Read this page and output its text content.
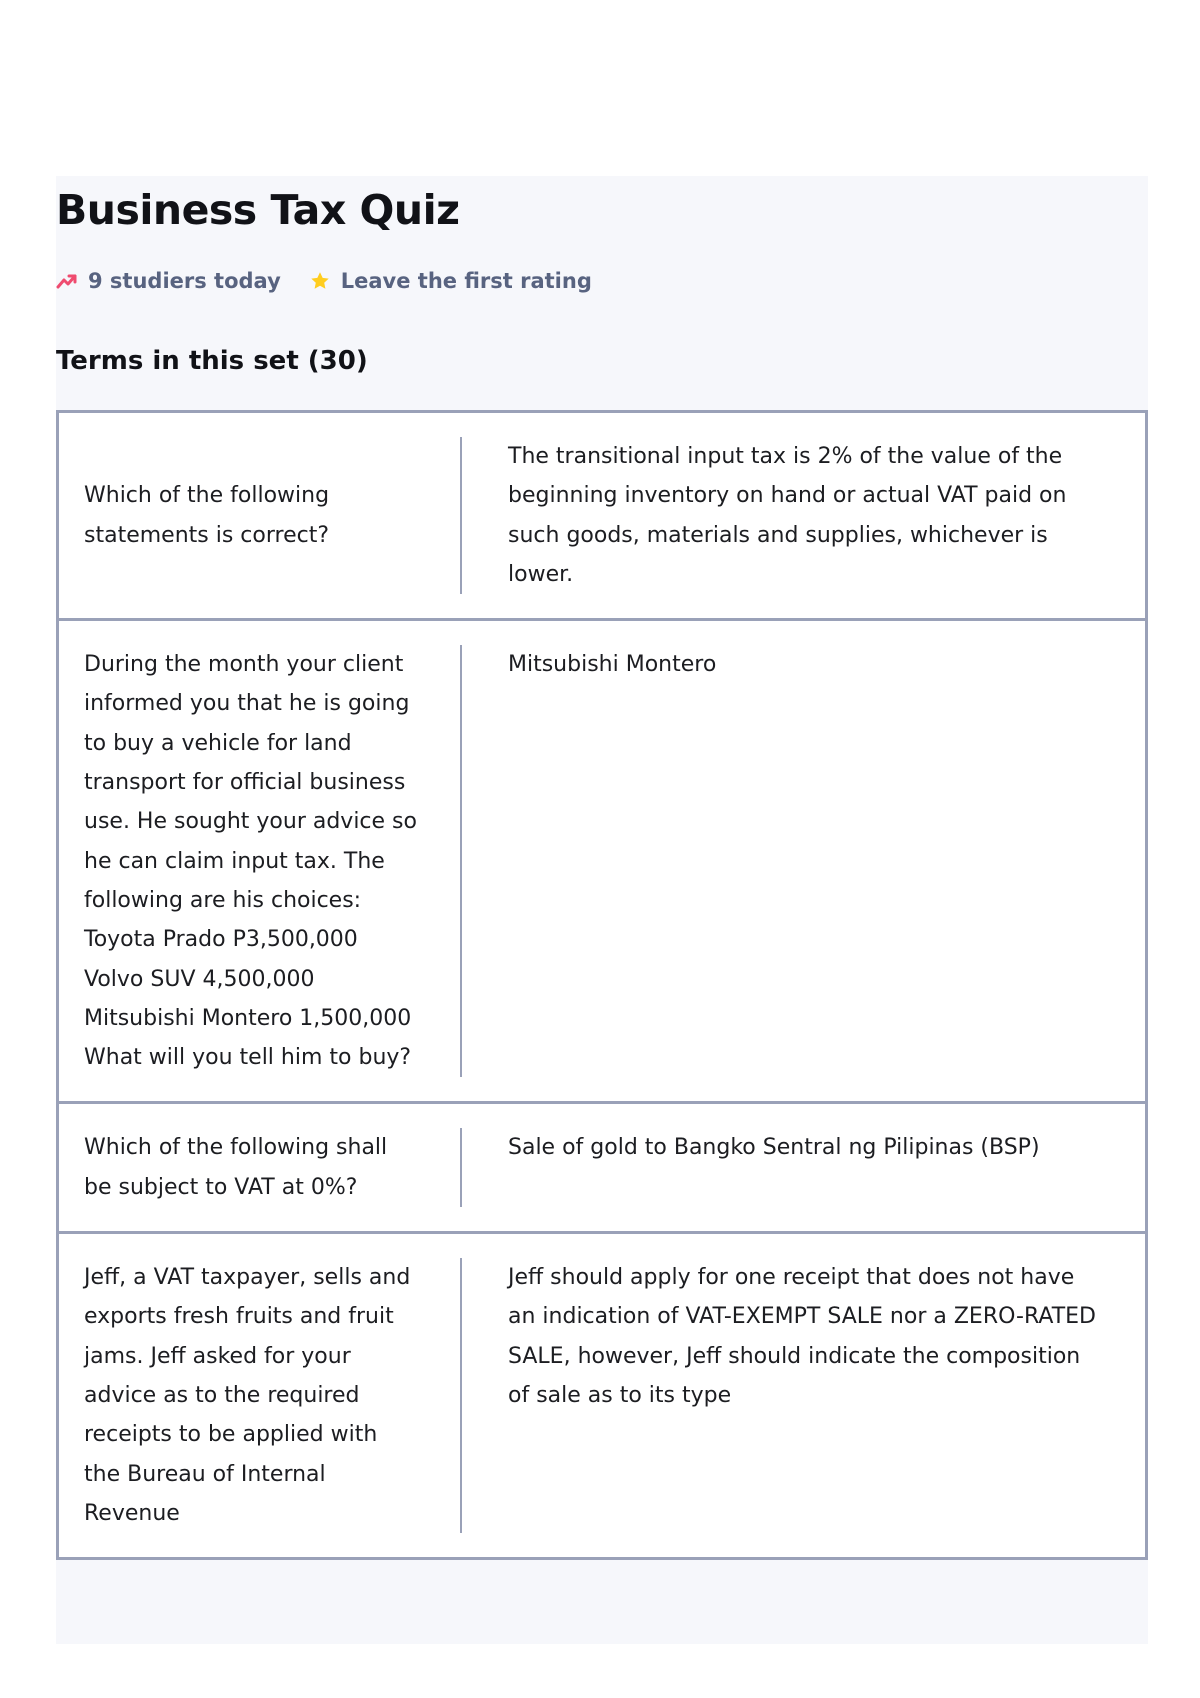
Business Tax Quiz
9 studiers today	Leave the first rating
Terms in this set (30)
Which of the following statements is correct?
The transitional input tax is 2% of the value of the beginning inventory on hand or actual VAT paid on such goods, materials and supplies, whichever is lower.
During the month your client informed you that he is going to buy a vehicle for land transport for official business use. He sought your advice so he can claim input tax. The following are his choices:
Toyota Prado P3,500,000
Volvo SUV 4,500,000
Mitsubishi Montero 1,500,000
What will you tell him to buy?
Mitsubishi Montero
Which of the following shall be subject to VAT at 0%?
Sale of gold to Bangko Sentral ng Pilipinas (BSP)
Jeff, a VAT taxpayer, sells and exports fresh fruits and fruit jams. Jeff asked for your advice as to the required receipts to be applied with the Bureau of Internal Revenue
Jeff should apply for one receipt that does not have an indication of VAT-EXEMPT SALE nor a ZERO-RATED SALE, however, Jeff should indicate the composition of sale as to its type
